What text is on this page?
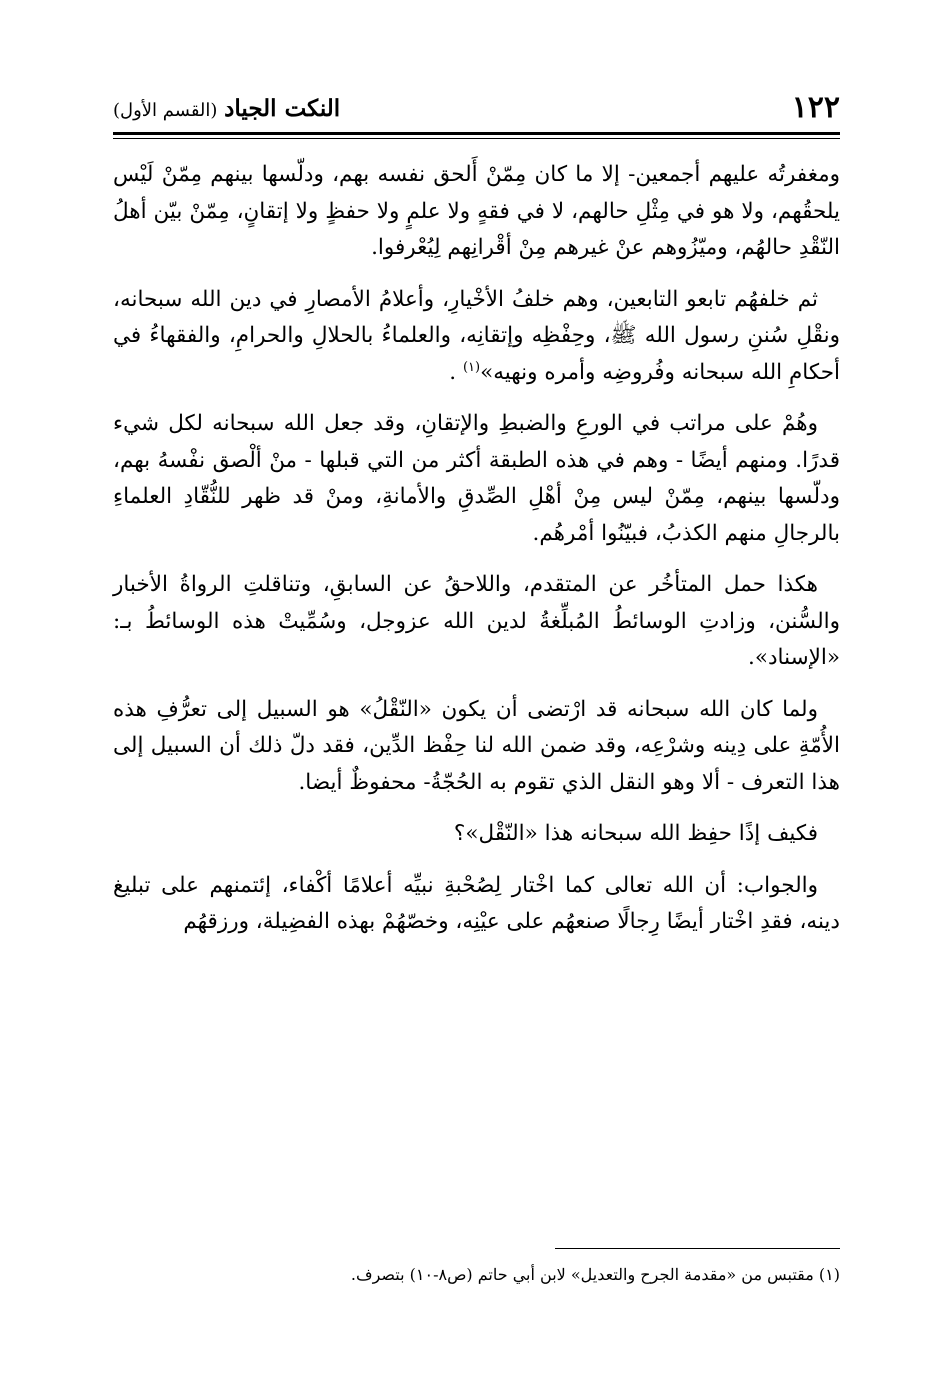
١٢٢
النكت الجياد (القسم الأول)

ومغفرتُه عليهم أجمعين- إلا ما كان مِمّنْ أَلحق نفسه بهم، ودلّسها بينهم مِمّنْ لَيْس يلحقُهم، ولا هو في مِثْلِ حالهم، لا في فقهٍ ولا علمٍ ولا حفظٍ ولا إتقانٍ، مِمّنْ بيّن أهلُ النّقْدِ حالهُم، وميّزُوهم عنْ غيرهم مِنْ أقْرانِهم لِيُعْرفوا.

ثم خلفهُم تابعو التابعين، وهم خلفُ الأخْيارِ، وأعلامُ الأمصارِ في دين الله سبحانه، ونقْلِ سُننِ رسول الله ﷺ، وحِفْظِه وإتقانِه، والعلماءُ بالحلالِ والحرامِ، والفقهاءُ في أحكامِ الله سبحانه وفُروضِه وأمره ونهيه»$^{(١)}$ .

وهُمْ على مراتب في الورعِ والضبطِ والإتقانِ، وقد جعل الله سبحانه لكل شيء قدرًا. ومنهم أيضًا - وهم في هذه الطبقة أكثر من التي قبلها - منْ ألْصق نفْسهُ بهم، ودلّسها بينهم، مِمّنْ ليس مِنْ أهْلِ الصِّدقِ والأمانةِ، ومنْ قد ظهر للنُّقّادِ العلماءِ بالرجالِ منهم الكذبُ، فبيّنُوا أمْرهُم.

هكذا حمل المتأخُر عن المتقدم، واللاحقُ عن السابقِ، وتناقلتِ الرواةُ الأخبار والسُّنن، وزادتِ الوسائطُ المُبلِّغةُ لدين الله عزوجل، وسُمِّيتْ هذه الوسائطُ بـ: «الإسناد».

ولما كان الله سبحانه قد ارْتضى أن يكون «النّقْلُ» هو السبيل إلى تعرُّفِ هذه الأُمّةِ على دِينه وشرْعِه، وقد ضمن الله لنا حِفْظ الدِّين، فقد دلّ ذلك أن السبيل إلى هذا التعرف - ألا وهو النقل الذي تقوم به الحُجّةُ- محفوظٌ أيضا.

فكيف إذًا حفِظ الله سبحانه هذا «النّقْل»؟

والجواب: أن الله تعالى كما اخْتار لِصُحْبةِ نبيِّه أعلامًا أكْفاء، إئتمنهم على تبليغ دينه، فقدِ اخْتار أيضًا رِجالًا صنعهُم على عيْنِه، وخصّهُمْ بهذه الفضِيلة، ورزقهُم

(١) مقتبس من «مقدمة الجرح والتعديل» لابن أبي حاتم (ص٨-١٠) بتصرف.
